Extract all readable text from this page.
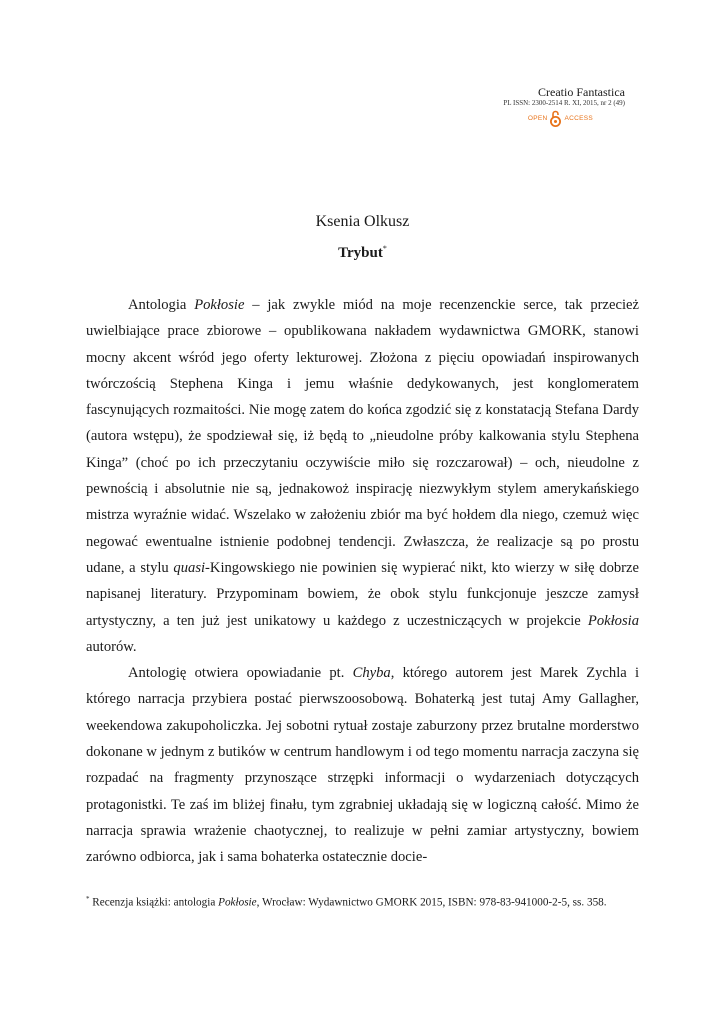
Creatio Fantastica
PL ISSN: 2300-2514 R. XI, 2015, nr 2 (49)
OPEN	ACCESS
Ksenia Olkusz
Trybut*

Antologia Pokłosie – jak zwykle miód na moje recenzenckie serce, tak przecież uwielbiające prace zbiorowe – opublikowana nakładem wydawnictwa GMORK, stanowi mocny akcent wśród jego oferty lekturowej. Złożona z pięciu opowiadań inspirowanych twórczością Stephena Kinga i jemu właśnie dedykowanych, jest konglomeratem fascynujących rozmaitości. Nie mogę zatem do końca zgodzić się z konstatacją Stefana Dardy (autora wstępu), że spodziewał się, iż będą to „nieudolne próby kalkowania stylu Stephena Kinga” (choć po ich przeczytaniu oczywiście miło się rozczarował) – och, nieudolne z pewnością i absolutnie nie są, jednakowoż inspirację niezwykłym stylem amerykańskiego mistrza wyraźnie widać. Wszelako w założeniu zbiór ma być hołdem dla niego, czemuż więc negować ewentualne istnienie podobnej tendencji. Zwłaszcza, że realizacje są po prostu udane, a stylu quasi-Kingowskiego nie powinien się wypierać nikt, kto wierzy w siłę dobrze napisanej literatury. Przypominam bowiem, że obok stylu funkcjonuje jeszcze zamysł artystyczny, a ten już jest unikatowy u każdego z uczestniczących w projekcie Pokłosia autorów.

Antologię otwiera opowiadanie pt. Chyba, którego autorem jest Marek Zychla i którego narracja przybiera postać pierwszoosobową. Bohaterką jest tutaj Amy Gallagher, weekendowa zakupoholiczka. Jej sobotni rytuał zostaje zaburzony przez brutalne morderstwo dokonane w jednym z butików w centrum handlowym i od tego momentu narracja zaczyna się rozpadać na fragmenty przynoszące strzępki informacji o wydarzeniach dotyczących protagonistki. Te zaś im bliżej finału, tym zgrabniej układają się w logiczną całość. Mimo że narracja sprawia wrażenie chaotycznej, to realizuje w pełni zamiar artystyczny, bowiem zarówno odbiorca, jak i sama bohaterka ostatecznie docie-

* Recenzja książki: antologia Pokłosie, Wrocław: Wydawnictwo GMORK 2015, ISBN: 978-83-941000-2-5, ss. 358.
